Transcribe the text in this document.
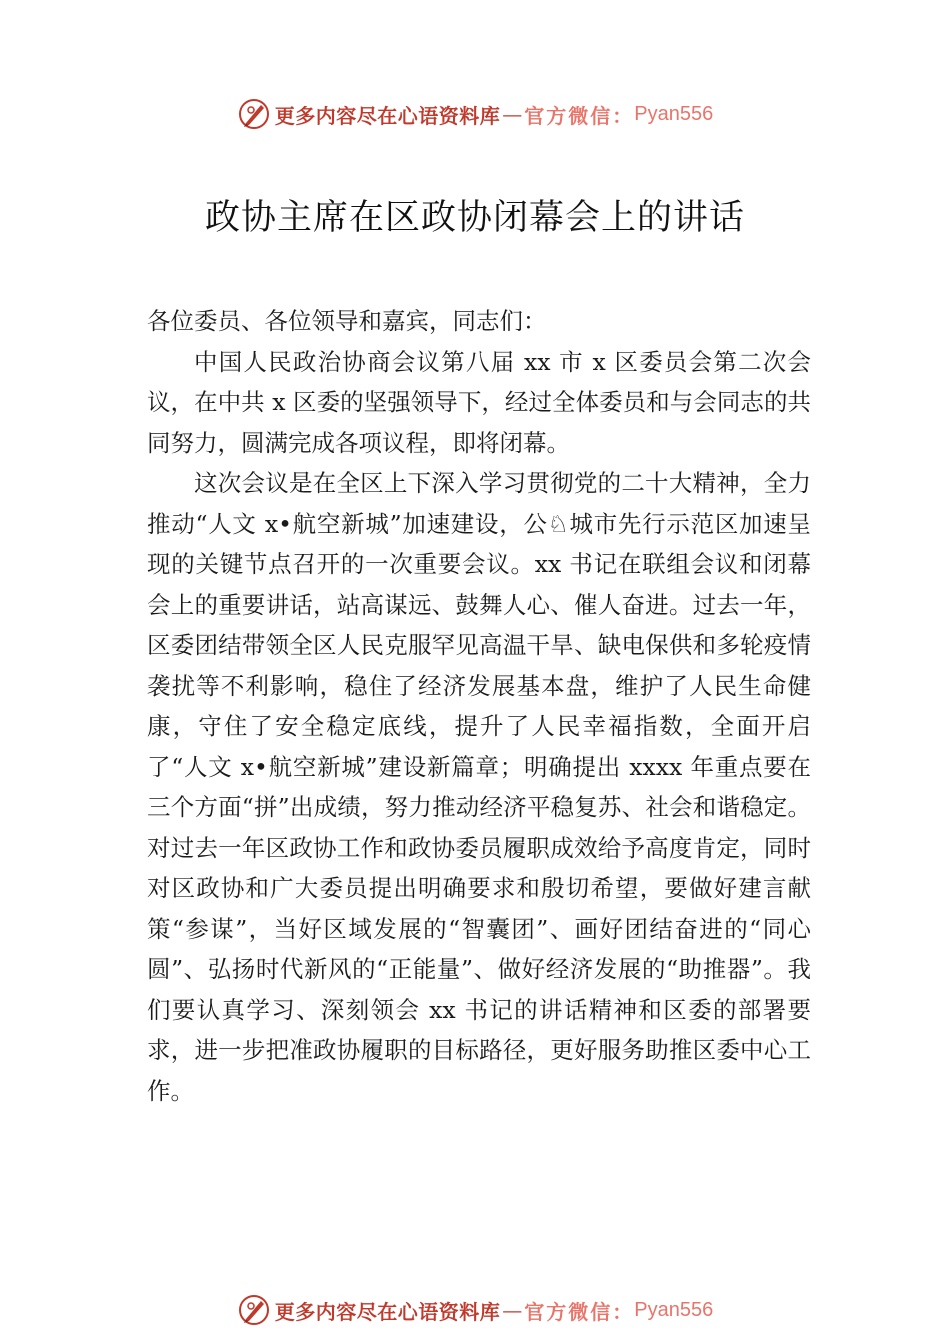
更多内容尽在心语资料库 — 官方微信： Pyan556
政协主席在区政协闭幕会上的讲话

各位委员、各位领导和嘉宾，同志们：

中国人民政治协商会议第八届 xx 市 x 区委员会第二次会议，在中共 x 区委的坚强领导下，经过全体委员和与会同志的共同努力，圆满完成各项议程，即将闭幕。

这次会议是在全区上下深入学习贯彻党的二十大精神，全力推动“人文 x•航空新城”加速建设，公♘城市先行示范区加速呈现的关键节点召开的一次重要会议。xx 书记在联组会议和闭幕会上的重要讲话，站高谋远、鼓舞人心、催人奋进。过去一年，区委团结带领全区人民克服罕见高温干旱、缺电保供和多轮疫情袭扰等不利影响，稳住了经济发展基本盘，维护了人民生命健康，守住了安全稳定底线，提升了人民幸福指数，全面开启了“人文 x•航空新城”建设新篇章；明确提出 xxxx 年重点要在三个方面“拼”出成绩，努力推动经济平稳复苏、社会和谐稳定。对过去一年区政协工作和政协委员履职成效给予高度肯定，同时对区政协和广大委员提出明确要求和殷切希望，要做好建言献策“参谋”，当好区域发展的“智囊团”、画好团结奋进的“同心圆”、弘扬时代新风的“正能量”、做好经济发展的“助推器”。我们要认真学习、深刻领会 xx 书记的讲话精神和区委的部署要求，进一步把准政协履职的目标路径，更好服务助推区委中心工作。

更多内容尽在心语资料库 — 官方微信： Pyan556
